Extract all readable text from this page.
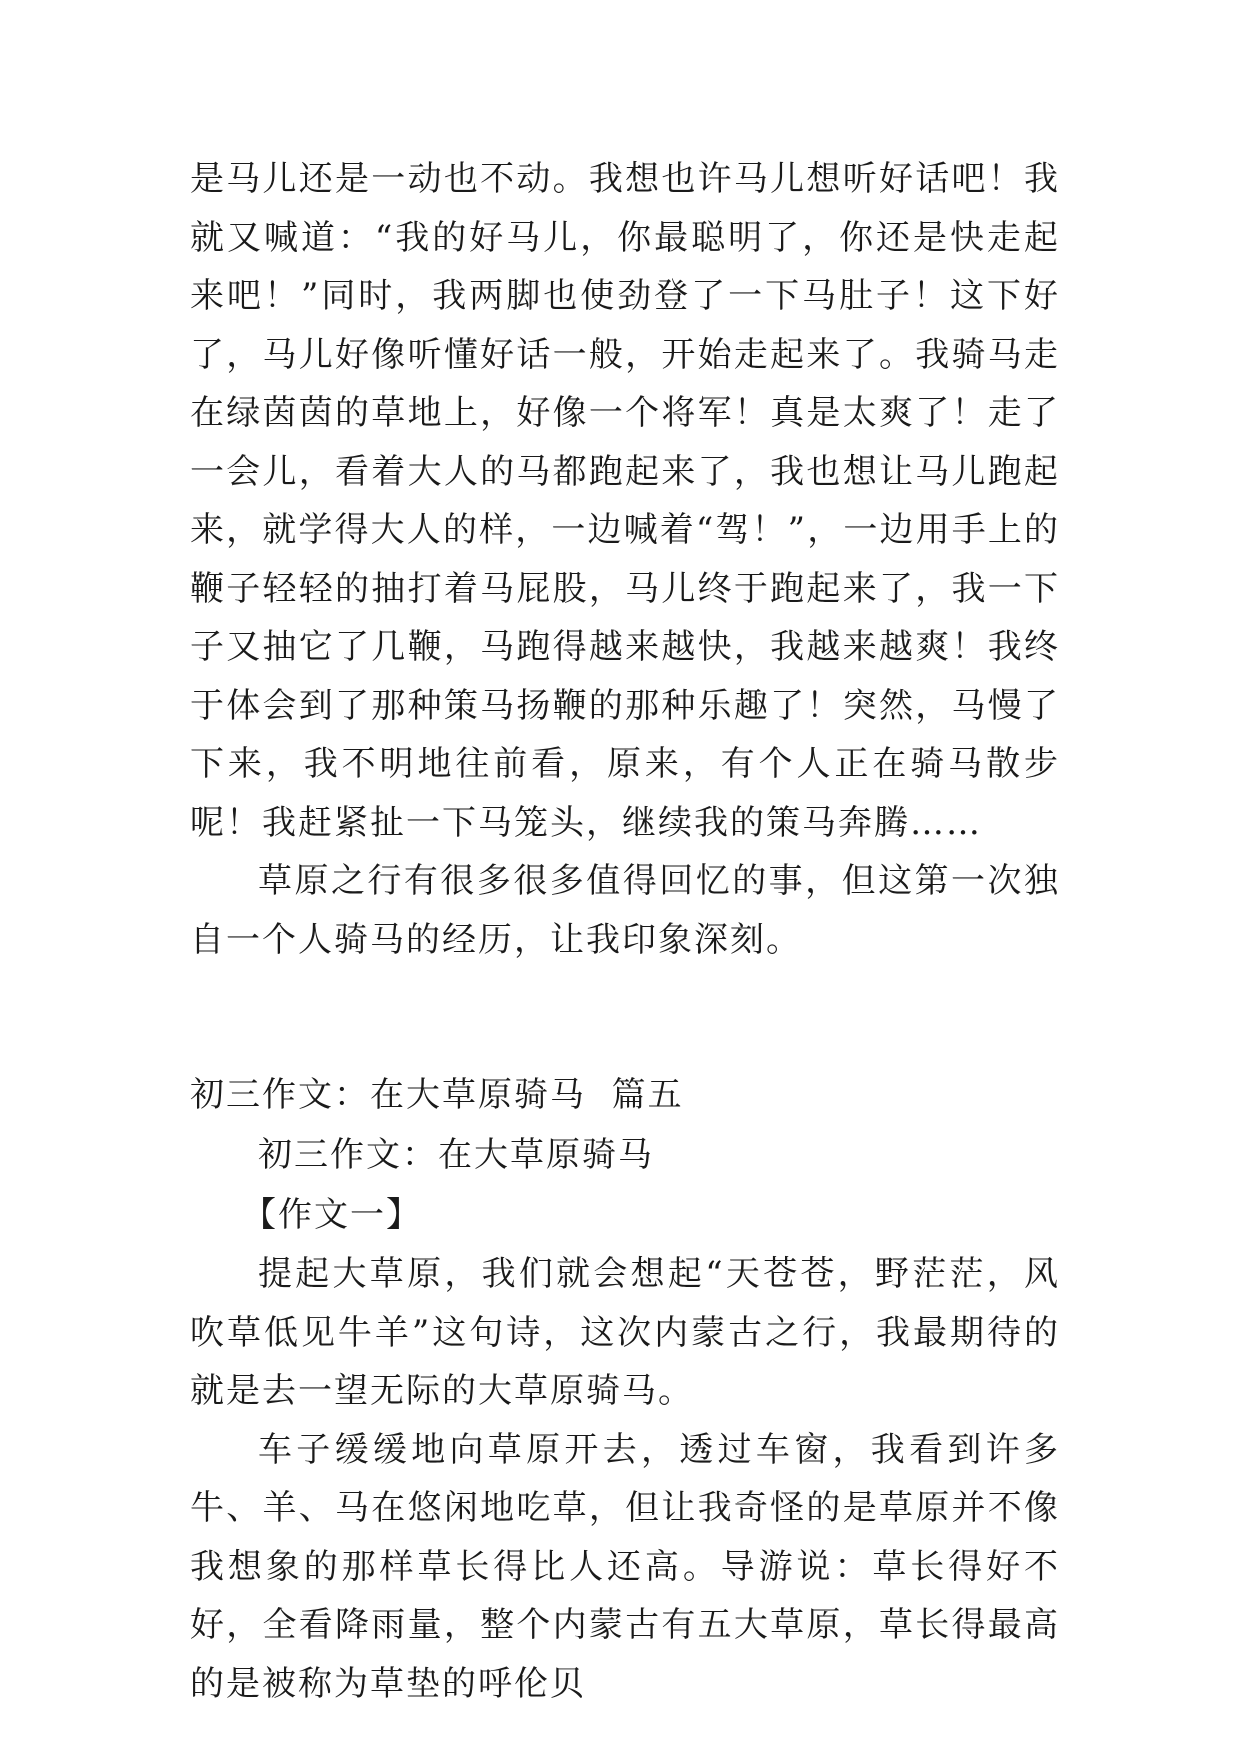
是马儿还是一动也不动。我想也许马儿想听好话吧！我就又喊道：“我的好马儿，你最聪明了，你还是快走起来吧！”同时，我两脚也使劲登了一下马肚子！这下好了，马儿好像听懂好话一般，开始走起来了。我骑马走在绿茵茵的草地上，好像一个将军！真是太爽了！走了一会儿，看着大人的马都跑起来了，我也想让马儿跑起来，就学得大人的样，一边喊着“驾！”，一边用手上的鞭子轻轻的抽打着马屁股，马儿终于跑起来了，我一下子又抽它了几鞭，马跑得越来越快，我越来越爽！我终于体会到了那种策马扬鞭的那种乐趣了！突然，马慢了下来，我不明地往前看，原来，有个人正在骑马散步呢！我赶紧扯一下马笼头，继续我的策马奔腾……

草原之行有很多很多值得回忆的事，但这第一次独自一个人骑马的经历，让我印象深刻。

初三作文：在大草原骑马  篇五

初三作文：在大草原骑马

【作文一】

提起大草原，我们就会想起“天苍苍，野茫茫，风吹草低见牛羊”这句诗，这次内蒙古之行，我最期待的就是去一望无际的大草原骑马。

车子缓缓地向草原开去，透过车窗，我看到许多牛、羊、马在悠闲地吃草，但让我奇怪的是草原并不像我想象的那样草长得比人还高。导游说：草长得好不好，全看降雨量，整个内蒙古有五大草原，草长得最高的是被称为草垫的呼伦贝
